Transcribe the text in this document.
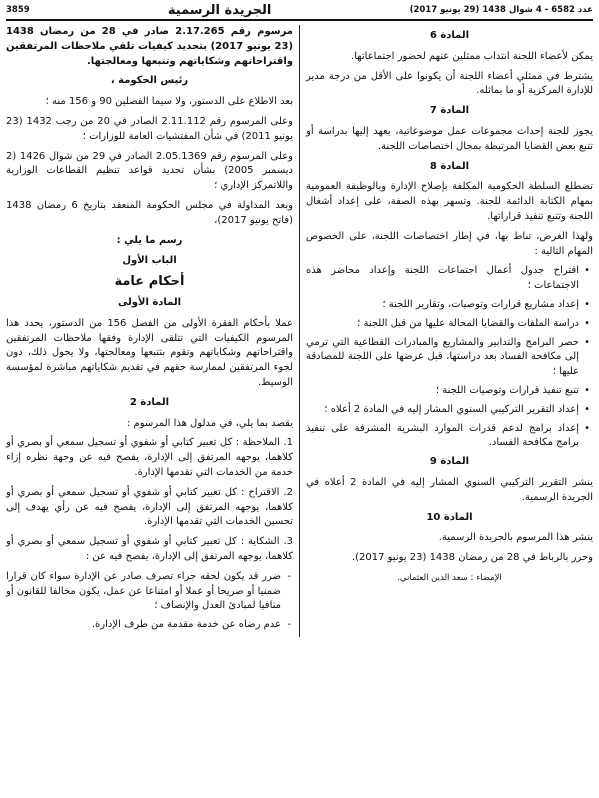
3859	الجريدة الرسمية	عدد 6582 - 4 شوال 1438 (29 يونيو 2017)
المادة 6

يمكن لأعضاء اللجنة انتداب ممثلين عنهم لحضور اجتماعاتها.

يشترط في ممثلي أعضاء اللجنة أن يكونوا على الأقل من درجة مدير للإدارة المركزية أو ما يماثله.

المادة 7

يجوز للجنة إحداث مجموعات عمل موضوعاتية، يعهد إليها بدراسة أو تتبع بعض القضايا المرتبطة بمجال اختصاصات اللجنة.

المادة 8

تضطلع السلطة الحكومية المكلفة بإصلاح الإدارة وبالوظيفة العمومية بمهام الكتابة الدائمة للجنة. وتسهر بهذه الصفة، على إعداد أشغال اللجنة وتتبع تنفيذ قراراتها.

ولهذا الغرض، تناط بها، في إطار اختصاصات اللجنة، على الخصوص المهام التالية :

• اقتراح جدول أعمال اجتماعات اللجنة وإعداد محاضر هذه الاجتماعات ؛
• إعداد مشاريع قرارات وتوصيات، وتقارير اللجنة ؛
• دراسة الملفات والقضايا المحالة عليها من قبل اللجنة ؛
• حصر البرامج والتدابير والمشاريع والمبادرات القطاعية التي ترمي إلى مكافحة الفساد بعد دراستها، قبل عرضها على اللجنة للمصادقة عليها ؛
• تتبع تنفيذ قرارات وتوصيات اللجنة ؛
• إعداد التقرير التركيبي السنوي المشار إليه في المادة 2 أعلاه ؛
• إعداد برامج لدعم قدرات الموارد البشرية المشرفة على تنفيذ برامج مكافحة الفساد.
المادة 9

ينشر التقرير التركيبي السنوي المشار إليه في المادة 2 أعلاه في الجريدة الرسمية.

المادة 10

ينشر هذا المرسوم بالجريدة الرسمية.

وحرر بالرباط في 28 من رمضان 1438 (23 يونيو 2017).

الإمضاء : سعد الدين العثماني.

مرسوم رقم 2.17.265 صادر في 28 من رمضان 1438 (23 يونيو 2017) بتحديد كيفيات تلقي ملاحظات المرتفقين واقتراحاتهم وشكاياتهم وتتبعها ومعالجتها.

رئيس الحكومة ،

بعد الاطلاع على الدستور، ولا سيما الفصلين 90 و 156 منه ؛

وعلى المرسوم رقم 2.11.112 الصادر في 20 من رجب 1432 (23 يونيو 2011) في شأن المفتشيات العامة للوزارات ؛

وعلى المرسوم رقم 2.05.1369 الصادر في 29 من شوال 1426 (2 ديسمبر 2005) بشأن تحديد قواعد تنظيم القطاعات الوزارية واللاتمركز الإداري ؛

وبعد المداولة في مجلس الحكومة المنعقد بتاريخ 6 رمضان 1438 (فاتح يونيو 2017)،

رسم ما يلي :
الباب الأول
أحكام عامة
المادة الأولى

عملا بأحكام الفقرة الأولى من الفصل 156 من الدستور، يحدد هذا المرسوم الكيفيات التي تتلقى الإدارة وفقها ملاحظات المرتفقين واقتراحاتهم وشكاياتهم وتقوم بتتبعها ومعالجتها، ولا يحول ذلك، دون لجوء المرتفقين لممارسة حقهم في تقديم شكاياتهم مباشرة لمؤسسة الوسيط.

المادة 2

يقصد بما يلي، في مدلول هذا المرسوم :

1. الملاحظة : كل تعبير كتابي أو شفوي أو تسجيل سمعي أو بصري أو كلاهما، يوجهه المرتفق إلى الإدارة، يفصح فيه عن وجهة نظره إزاء خدمة من الخدمات التي تقدمها الإدارة.

2. الاقتراح : كل تعبير كتابي أو شفوي أو تسجيل سمعي أو بصري أو كلاهما، يوجهه المرتفق إلى الإدارة، يفصح فيه عن رأي يهدف إلى تحسين الخدمات التي تقدمها الإدارة.

3. الشكاية : كل تعبير كتابي أو شفوي أو تسجيل سمعي أو بصري أو كلاهما، يوجهه المرتفق إلى الإدارة، يفصح فيه عن :

- ضرر قد يكون لحقه جراء تصرف صادر عن الإدارة سواء كان قرارا ضمنيا أو صريحا أو عملا أو امتناعا عن عمل، يكون مخالفا للقانون أو منافيا لمبادئ العدل والإنصاف ؛
- عدم رضاه عن خدمة مقدمة من طرف الإدارة.
